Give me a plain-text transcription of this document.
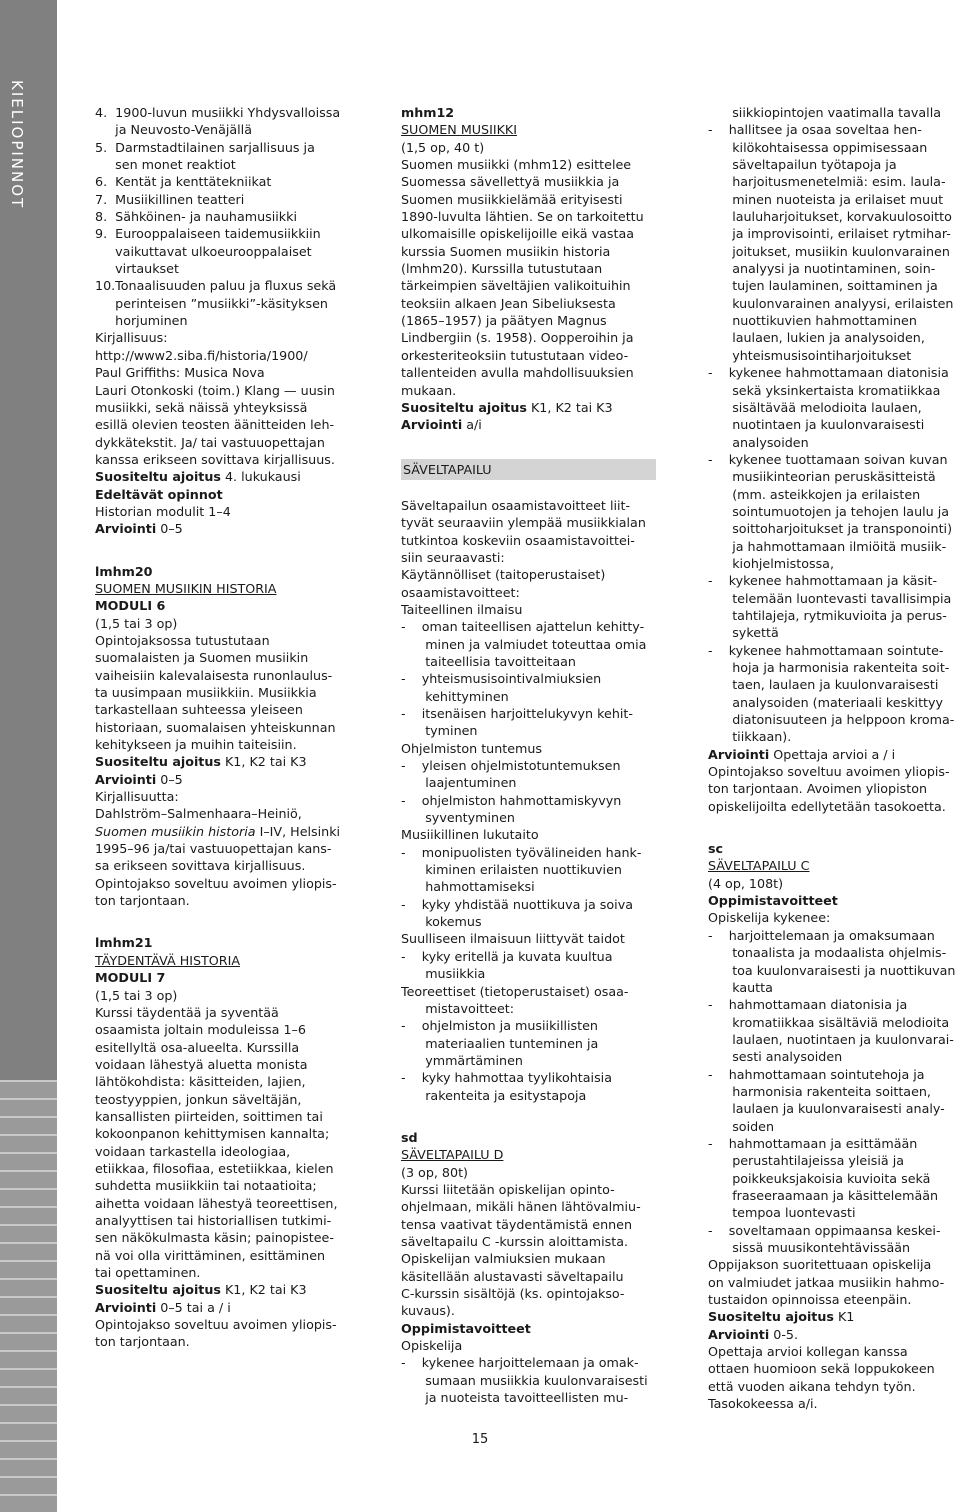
KIELIOPINNOT	4.  1900-luvun musiikki Yhdysvalloissa
ja Neuvosto-Venäjällä
5.  Darmstadtilainen sarjallisuus ja
sen monet reaktiot
6.  Kentät ja kenttätekniikat
7.  Musiikillinen teatteri
8.  Sähköinen- ja nauhamusiikki
9.  Eurooppalaiseen taidemusiikkiin
vaikuttavat ulkoeurooppalaiset
virtaukset
10.Tonaalisuuden paluu ja fluxus sekä
perinteisen ”musiikki”-käsityksen
horjuminen
Kirjallisuus:
http://www2.siba.fi/historia/1900/
Paul Griffiths: Musica Nova
Lauri Otonkoski (toim.) Klang — uusin
musiikki, sekä näissä yhteyksissä
esillä olevien teosten äänitteiden leh-
dykkätekstit. Ja/ tai vastuuopettajan
kanssa erikseen sovittava kirjallisuus.
Suositeltu ajoitus 4. lukukausi
Edeltävät opinnot
Historian modulit 1–4
Arviointi 0–5
lmhm20
SUOMEN MUSIIKIN HISTORIA
MODULI 6
(1,5 tai 3 op)
Opintojaksossa tutustutaan
suomalaisten ja Suomen musiikin
vaiheisiin kalevalaisesta runonlaulus-
ta uusimpaan musiikkiin. Musiikkia
tarkastellaan suhteessa yleiseen
historiaan, suomalaisen yhteiskunnan
kehitykseen ja muihin taiteisiin.
Suositeltu ajoitus K1, K2 tai K3
Arviointi 0–5
Kirjallisuutta:
Dahlström–Salmenhaara–Heiniö,
Suomen musiikin historia I–IV, Helsinki
1995–96 ja/tai vastuuopettajan kans-
sa erikseen sovittava kirjallisuus.
Opintojakso soveltuu avoimen yliopis-
ton tarjontaan.
lmhm21
TÄYDENTÄVÄ HISTORIA
MODULI 7
(1,5 tai 3 op)
Kurssi täydentää ja syventää
osaamista joltain moduleissa 1–6
esitellyltä osa-alueelta. Kurssilla
voidaan lähestyä aluetta monista
lähtökohdista: käsitteiden, lajien,
teostyyppien, jonkun säveltäjän,
kansallisten piirteiden, soittimen tai
kokoonpanon kehittymisen kannalta;
voidaan tarkastella ideologiaa,
etiikkaa, filosofiaa, estetiikkaa, kielen
suhdetta musiikkiin tai notaatioita;
aihetta voidaan lähestyä teoreettisen,
analyyttisen tai historiallisen tutkimi-
sen näkökulmasta käsin; painopistee-
nä voi olla virittäminen, esittäminen
tai opettaminen.
Suositeltu ajoitus K1, K2 tai K3
Arviointi 0–5 tai a / i
Opintojakso soveltuu avoimen yliopis-
ton tarjontaan.
mhm12
SUOMEN MUSIIKKI
(1,5 op, 40 t)
Suomen musiikki (mhm12) esittelee
Suomessa sävellettyä musiikkia ja
Suomen musiikkielämää erityisesti
1890-luvulta lähtien. Se on tarkoitettu
ulkomaisille opiskelijoille eikä vastaa
kurssia Suomen musiikin historia
(lmhm20). Kurssilla tutustutaan
tärkeimpien säveltäjien valikoituihin
teoksiin alkaen Jean Sibeliuksesta
(1865–1957) ja päätyen Magnus
Lindbergiin (s. 1958). Oopperoihin ja
orkesteriteoksiin tutustutaan video-
tallenteiden avulla mahdollisuuksien
mukaan.
Suositeltu ajoitus K1, K2 tai K3
Arviointi a/i
SÄVELTAPAILU
Säveltapailun osaamistavoitteet liit-
tyvät seuraaviin ylempää musiikkialan
tutkintoa koskeviin osaamistavoittei-
siin seuraavasti:
Käytännölliset (taitoperustaiset)
osaamistavoitteet:
Taiteellinen ilmaisu
-    oman taiteellisen ajattelun kehitty-
minen ja valmiudet toteuttaa omia
taiteellisia tavoitteitaan
-    yhteismusisointivalmiuksien
kehittyminen
-    itsenäisen harjoittelukyvyn kehit-
tyminen
Ohjelmiston tuntemus
-    yleisen ohjelmistotuntemuksen
laajentuminen
-    ohjelmiston hahmottamiskyvyn
syventyminen
Musiikillinen lukutaito
-    monipuolisten työvälineiden hank-
kiminen erilaisten nuottikuvien
hahmottamiseksi
-    kyky yhdistää nuottikuva ja soiva
kokemus
Suulliseen ilmaisuun liittyvät taidot
-    kyky eritellä ja kuvata kuultua
musiikkia
Teoreettiset (tietoperustaiset) osaa-
mistavoitteet:
-    ohjelmiston ja musiikillisten
materiaalien tunteminen ja
ymmärtäminen
-    kyky hahmottaa tyylikohtaisia
rakenteita ja esitystapoja
sd
SÄVELTAPAILU D
(3 op, 80t)
Kurssi liitetään opiskelijan opinto-
ohjelmaan, mikäli hänen lähtövalmiu-
tensa vaativat täydentämistä ennen
säveltapailu C -kurssin aloittamista.
Opiskelijan valmiuksien mukaan
käsitellään alustavasti säveltapailu
C-kurssin sisältöjä (ks. opintojakso-
kuvaus).
Oppimistavoitteet
Opiskelija
-    kykenee harjoittelemaan ja omak-
sumaan musiikkia kuulonvaraisesti
ja nuoteista tavoitteellisten mu-
siikkiopintojen vaatimalla tavalla
-    hallitsee ja osaa soveltaa hen-
kilökohtaisessa oppimisessaan
säveltapailun työtapoja ja
harjoitusmenetelmiä: esim. laula-
minen nuoteista ja erilaiset muut
lauluharjoitukset, korvakuulosoitto
ja improvisointi, erilaiset rytmihar-
joitukset, musiikin kuulonvarainen
analyysi ja nuotintaminen, soin-
tujen laulaminen, soittaminen ja
kuulonvarainen analyysi, erilaisten
nuottikuvien hahmottaminen
laulaen, lukien ja analysoiden,
yhteismusisointiharjoitukset
-    kykenee hahmottamaan diatonisia
sekä yksinkertaista kromatiikkaa
sisältävää melodioita laulaen,
nuotintaen ja kuulonvaraisesti
analysoiden
-    kykenee tuottamaan soivan kuvan
musiikinteorian peruskäsitteistä
(mm. asteikkojen ja erilaisten
sointumuotojen ja tehojen laulu ja
soittoharjoitukset ja transponointi)
ja hahmottamaan ilmiöitä musiik-
kiohjelmistossa,
-    kykenee hahmottamaan ja käsit-
telemään luontevasti tavallisimpia
tahtilajeja, rytmikuvioita ja perus-
sykettä
-    kykenee hahmottamaan sointute-
hoja ja harmonisia rakenteita soit-
taen, laulaen ja kuulonvaraisesti
analysoiden (materiaali keskittyy
diatonisuuteen ja helppoon kroma-
tiikkaan).
Arviointi Opettaja arvioi a / i
Opintojakso soveltuu avoimen yliopis-
ton tarjontaan. Avoimen yliopiston
opiskelijoilta edellytetään tasokoetta.
sc
SÄVELTAPAILU C
(4 op, 108t)
Oppimistavoitteet
Opiskelija kykenee:
-    harjoittelemaan ja omaksumaan
tonaalista ja modaalista ohjelmis-
toa kuulonvaraisesti ja nuottikuvan
kautta
-    hahmottamaan diatonisia ja
kromatiikkaa sisältäviä melodioita
laulaen, nuotintaen ja kuulonvarai-
sesti analysoiden
-    hahmottamaan sointutehoja ja
harmonisia rakenteita soittaen,
laulaen ja kuulonvaraisesti analy-
soiden
-    hahmottamaan ja esittämään
perustahtilajeissa yleisiä ja
poikkeuksjakoisia kuvioita sekä
fraseeraamaan ja käsittelemään
tempoa luontevasti
-    soveltamaan oppimaansa keskei-
sissä muusikontehtävissään
Oppijakson suoritettuaan opiskelija
on valmiudet jatkaa musiikin hahmo-
tustaidon opinnoissa eteenpäin.
Suositeltu ajoitus K1
Arviointi 0-5.
Opettaja arvioi kollegan kanssa
ottaen huomioon sekä loppukokeen
että vuoden aikana tehdyn työn.
Tasokokeessa a/i.
15
